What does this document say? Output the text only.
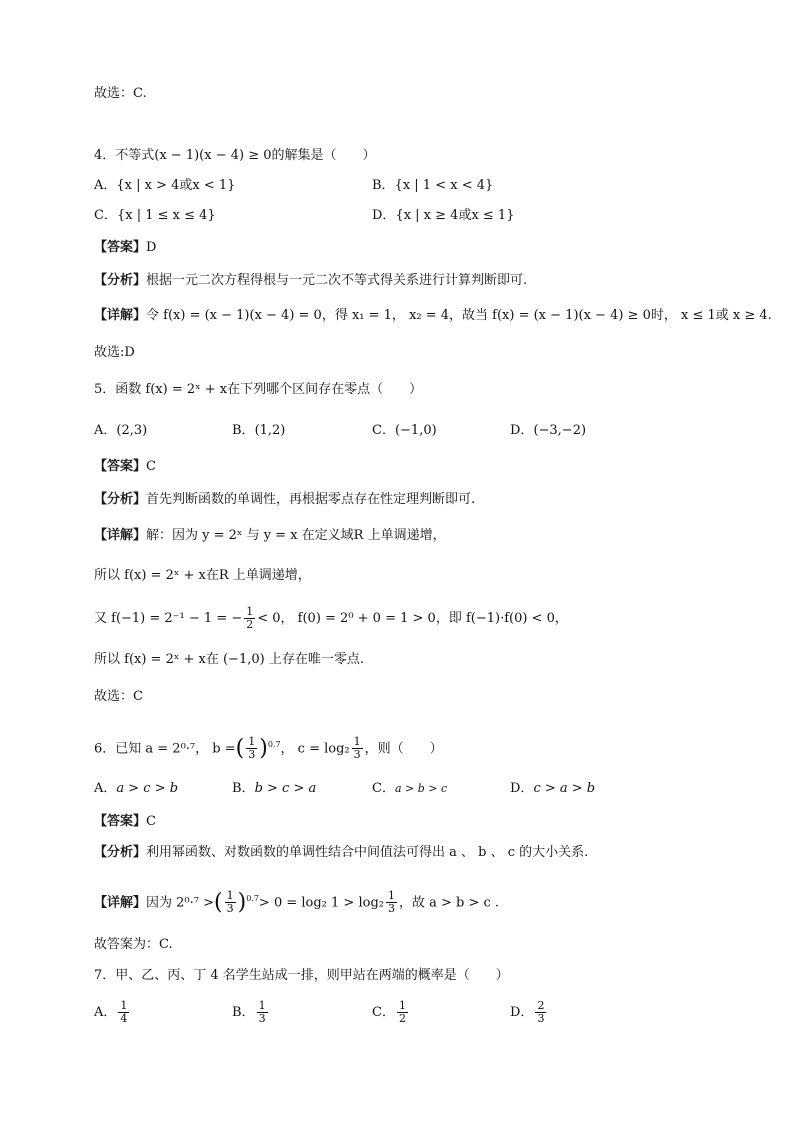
故选：C.
4．不等式(x − 1)(x − 4) ≥ 0的解集是（　　）
A．{x | x > 4或x < 1}	B．{x | 1 < x < 4}
C．{x | 1 ≤ x ≤ 4}	D．{x | x ≥ 4或x ≤ 1}
【答案】D
【分析】根据一元二次方程得根与一元二次不等式得关系进行计算判断即可.
【详解】令 f(x) = (x − 1)(x − 4) = 0，得 x₁ = 1， x₂ = 4，故当 f(x) = (x − 1)(x − 4) ≥ 0时， x ≤ 1或 x ≥ 4.
故选:D
5．函数 f(x) = 2ˣ + x在下列哪个区间存在零点（　　）
A．(2,3)	B．(1,2)	C．(−1,0)	D．(−3,−2)
【答案】C
【分析】首先判断函数的单调性，再根据零点存在性定理判断即可.
【详解】解：因为 y = 2ˣ 与 y = x 在定义域R 上单调递增，
所以 f(x) = 2ˣ + x在R 上单调递增，
又 f(−1) = 2⁻¹ − 1 = − $\frac{1}{2} < 0$， f(0) = 2⁰ + 0 = 1 > 0，即 f(−1)·f(0) < 0，
所以 f(x) = 2ˣ + x在 (−1,0) 上存在唯一零点.
故选：C
6．已知 a = 2⁰·⁷， b =( $\frac{1}{3} )^{0.7}$， $c = \log_2 \frac{1}{3}$ ，则（　　）
A．a > c > b	B．b > c > a	C．a > b > c	D．c > a > b
【答案】C
【分析】利用幂函数、对数函数的单调性结合中间值法可得出 a 、 b 、 c 的大小关系.
【详解】因为 2⁰·⁷ >( $\frac{1}{3} )^{0.7}> 0 = \log_2$ $1 > \log_2 \frac{1}{3}$ ，故 a > b > c .
故答案为：C.
7．甲、乙、丙、丁 4 名学生站成一排，则甲站在两端的概率是（　　）
A． $\frac{1}{4}$	B． $\frac{1}{3}$	C． $\frac{1}{2}$	D． $\frac{2}{3}$
